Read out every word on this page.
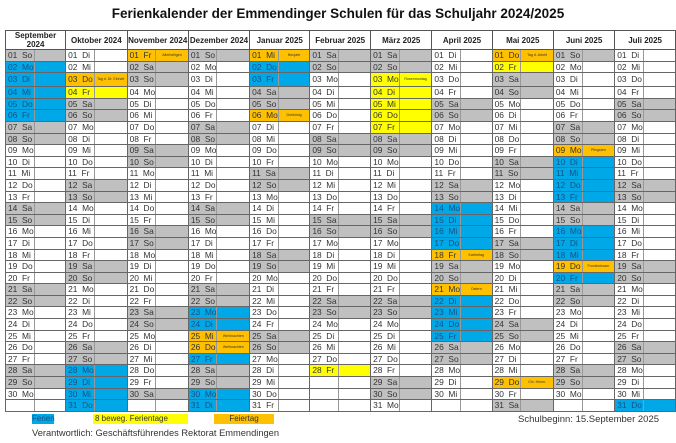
Ferienkalender der Emmendinger Schulen für das Schuljahr 2024/2025
September 2024		Oktober 2024		November 2024		Dezember 2024		Januar 2025		Februar 2025		März 2025		April 2025		Mai 2025		Juni 2025		Juli 2025	
01  So		01  Di		01  Fr	Allerheiligen	01  So		01  Mi	Neujahr	01  Sa		01  Sa		01  Di		01  Do	Tag d. Arbeit	01  So		01  Di	
02  Mo		02  Mi		02  Sa		02  Mo		02  Do		02  So		02  So		02  Mi		02  Fr		02  Mo		02  Mi	
03  Di		03  Do	Tag d. Dt. Einheit	03  So		03  Di		03  Fr		03  Mo		03  Mo	Rosenmontag	03  Do		03  Sa		03  Di		03  Do	
04  Mi		04  Fr		04  Mo		04  Mi		04  Sa		04  Di		04  Di		04  Fr		04  So		04  Mi		04  Fr	
05  Do		05  Sa		05  Di		05  Do		05  So		05  Mi		05  Mi		05  Sa		05  Mo		05  Do		05  Sa	
06  Fr		06  So		06  Mi		06  Fr		06  Mo	Dreikönig	06  Do		06  Do		06  So		06  Di		06  Fr		06  So	
07  Sa		07  Mo		07  Do		07  Sa		07  Di		07  Fr		07  Fr		07  Mo		07  Mi		07  Sa		07  Mo	
08  So		08  Di		08  Fr		08  So		08  Mi		08  Sa		08  Sa		08  Di		08  Do		08  So		08  Di	
09  Mo		09  Mi		09  Sa		09  Mo		09  Do		09  So		09  So		09  Mi		09  Fr		09  Mo	Pfingsten	09  Mi	
10  Di		10  Do		10  So		10  Di		10  Fr		10  Mo		10  Mo		10  Do		10  Sa		10  Di		10  Do	
11  Mi		11  Fr		11  Mo		11  Mi		11  Sa		11  Di		11  Di		11  Fr		11  So		11  Mi		11  Fr	
12  Do		12  Sa		12  Di		12  Do		12  So		12  Mi		12  Mi		12  Sa		12  Mo		12  Do		12  Sa	
13  Fr		13  So		13  Mi		13  Fr		13  Mo		13  Do		13  Do		13  So		13  Di		13  Fr		13  So	
14  Sa		14  Mo		14  Do		14  Sa		14  Di		14  Fr		14  Fr		14  Mo		14  Mi		14  Sa		14  Mo	
15  So		15  Di		15  Fr		15  So		15  Mi		15  Sa		15  Sa		15  Di		15  Do		15  So		15  Di	
16  Mo		16  Mi		16  Sa		16  Mo		16  Do		16  So		16  So		16  Mi		16  Fr		16  Mo		16  Mi	
17  Di		17  Do		17  So		17  Di		17  Fr		17  Mo		17  Mo		17  Do		17  Sa		17  Di		17  Do	
18  Mi		18  Fr		18  Mo		18  Mi		18  Sa		18  Di		18  Di		18  Fr	Karfreitag	18  So		18  Mi		18  Fr	
19  Do		19  Sa		19  Di		19  Do		19  So		19  Mi		19  Mi		19  Sa		19  Mo		19  Do	Fronleichnam	19  Sa	
20  Fr		20  So		20  Mi		20  Fr		20  Mo		20  Do		20  Do		20  So		20  Di		20  Fr		20  So	
21  Sa		21  Mo		21  Do		21  Sa		21  Di		21  Fr		21  Fr		21  Mo	Ostern	21  Mi		21  Sa		21  Mo	
22  So		22  Di		22  Fr		22  So		22  Mi		22  Sa		22  Sa		22  Di		22  Do		22  So		22  Di	
23  Mo		23  Mi		23  Sa		23  Mo		23  Do		23  So		23  So		23  Mi		23  Fr		23  Mo		23  Mi	
24  Di		24  Do		24  So		24  Di		24  Fr		24  Mo		24  Mo		24  Do		24  Sa		24  Di		24  Do	
25  Mi		25  Fr		25  Mo		25  Mi	Weihnachten	25  Sa		25  Di		25  Di		25  Fr		25  So		25  Mi		25  Fr	
26  Do		26  Sa		26  Di		26  Do	Weihnachten	26  So		26  Mi		26  Mi		26  Sa		26  Mo		26  Do		26  Sa	
27  Fr		27  So		27  Mi		27  Fr		27  Mo		27  Do		27  Do		27  So		27  Di		27  Fr		27  So	
28  Sa		28  Mo		28  Do		28  Sa		28  Di		28  Fr		28  Fr		28  Mo		28  Mi		28  Sa		28  Mo	
29  So		29  Di		29  Fr		29  So		29  Mi				29  Sa		29  Di		29  Do	Chr. Himm.	29  So		29  Di	
30  Mo		30  Mi		30  Sa		30  Mo		30  Do				30  So		30  Mi		30  Fr		30  Mo		30  Mi	
		31  Do				31  Di		31  Fr				31  Mo				31  Sa				31  Do	
Ferien	8 beweg. Ferientage	Feiertag
Verantwortlich: Geschäftsführendes Rektorat Emmendingen
Schulbeginn: 15.September 2025
